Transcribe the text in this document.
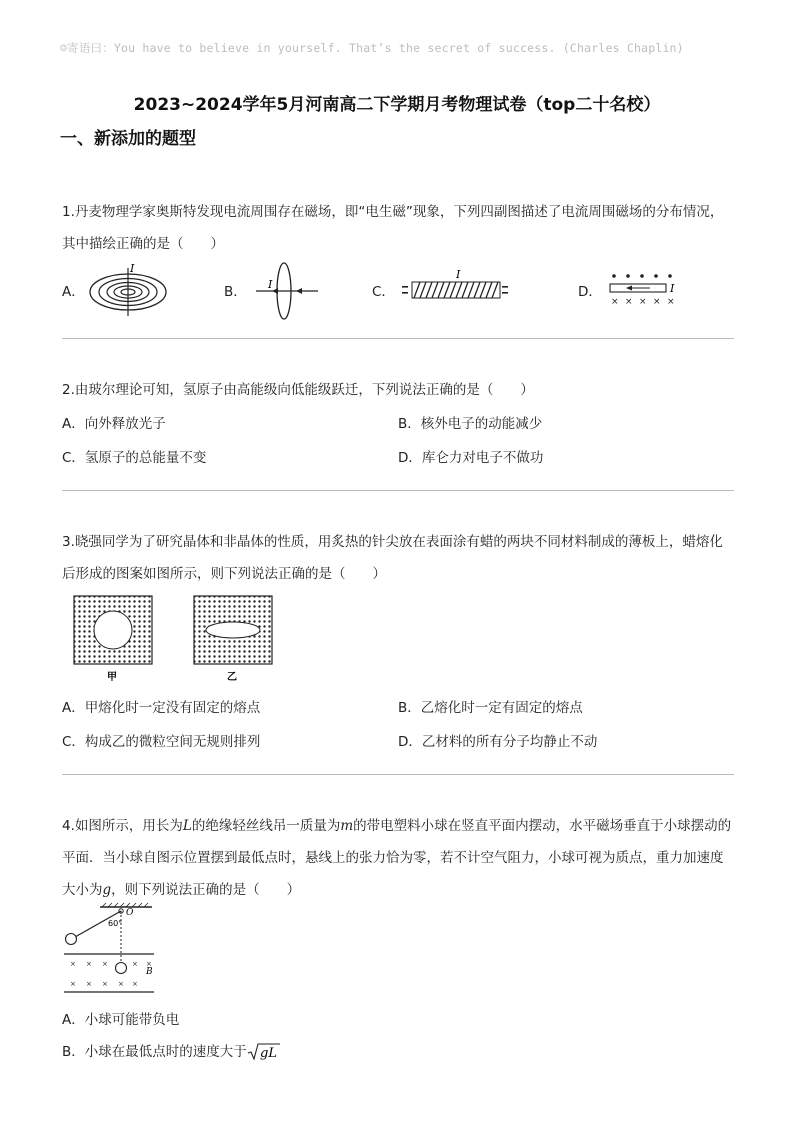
☺寄语曰：You have to believe in yourself. That’s the secret of success. (Charles Chaplin)
2023~2024学年5月河南高二下学期月考物理试卷（top二十名校）
一、新添加的题型
1.丹麦物理学家奥斯特发现电流周围存在磁场，即“电生磁”现象，下列四副图描述了电流周围磁场的分布情况，其中描绘正确的是（　　）
A．
I
B． I	C．
I
D．	I
× × × × ×
2.由玻尔理论可知，氢原子由高能级向低能级跃迁，下列说法正确的是（　　）
A．向外释放光子	B．核外电子的动能减少
C．氢原子的总能量不变	D．库仑力对电子不做功
3.晓强同学为了研究晶体和非晶体的性质，用炙热的针尖放在表面涂有蜡的两块不同材料制成的薄板上，蜡熔化后形成的图案如图所示，则下列说法正确的是（　　）
甲	乙
A．甲熔化时一定没有固定的熔点	B．乙熔化时一定有固定的熔点
C．构成乙的微粒空间无规则排列	D．乙材料的所有分子均静止不动
4.如图所示，用长为L的绝缘轻丝线吊一质量为m的带电塑料小球在竖直平面内摆动，水平磁场垂直于小球摆动的平面．当小球自图示位置摆到最低点时，悬线上的张力恰为零，若不计空气阻力，小球可视为质点，重力加速度大小为g，则下列说法正确的是（　　）
O
60°
× × ×	× ×
× × × × ×
B
A．小球可能带负电
B．小球在最低点时的速度大于 gL
